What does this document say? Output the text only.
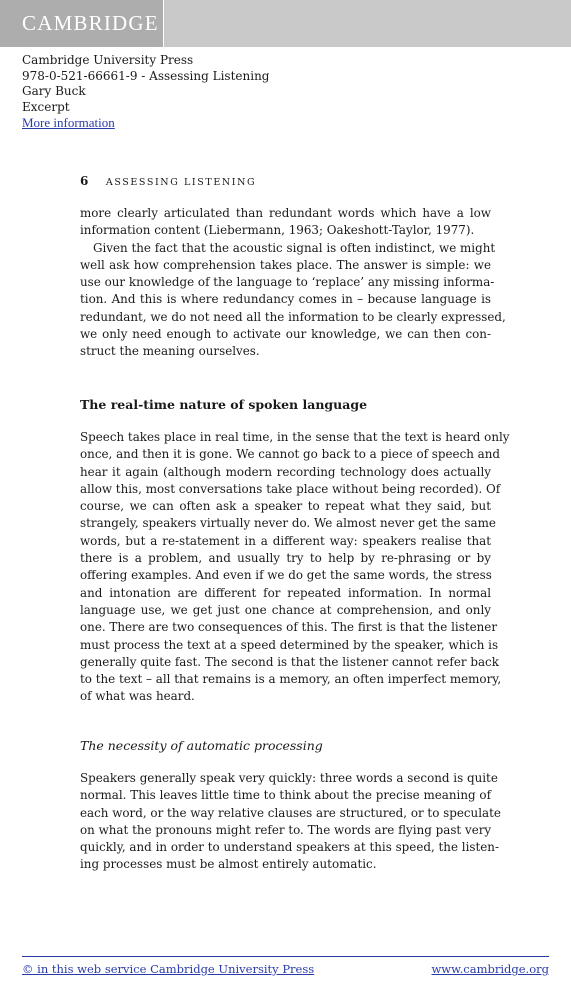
CAMBRIDGE
Cambridge University Press
978-0-521-66661-9 - Assessing Listening
Gary Buck
Excerpt
More information
6 ASSESSING LISTENING
more clearly articulated than redundant words which have a low
information content (Liebermann, 1963; Oakeshott-Taylor, 1977).
Given the fact that the acoustic signal is often indistinct, we might
well ask how comprehension takes place. The answer is simple: we
use our knowledge of the language to ‘replace’ any missing informa-
tion. And this is where redundancy comes in – because language is
redundant, we do not need all the information to be clearly expressed,
we only need enough to activate our knowledge, we can then con-
struct the meaning ourselves.
The real-time nature of spoken language
Speech takes place in real time, in the sense that the text is heard only
once, and then it is gone. We cannot go back to a piece of speech and
hear it again (although modern recording technology does actually
allow this, most conversations take place without being recorded). Of
course, we can often ask a speaker to repeat what they said, but
strangely, speakers virtually never do. We almost never get the same
words, but a re-statement in a different way: speakers realise that
there is a problem, and usually try to help by re-phrasing or by
offering examples. And even if we do get the same words, the stress
and intonation are different for repeated information. In normal
language use, we get just one chance at comprehension, and only
one. There are two consequences of this. The first is that the listener
must process the text at a speed determined by the speaker, which is
generally quite fast. The second is that the listener cannot refer back
to the text – all that remains is a memory, an often imperfect memory,
of what was heard.
The necessity of automatic processing
Speakers generally speak very quickly: three words a second is quite
normal. This leaves little time to think about the precise meaning of
each word, or the way relative clauses are structured, or to speculate
on what the pronouns might refer to. The words are flying past very
quickly, and in order to understand speakers at this speed, the listen-
ing processes must be almost entirely automatic.
© in this web service Cambridge University Press	www.cambridge.org
